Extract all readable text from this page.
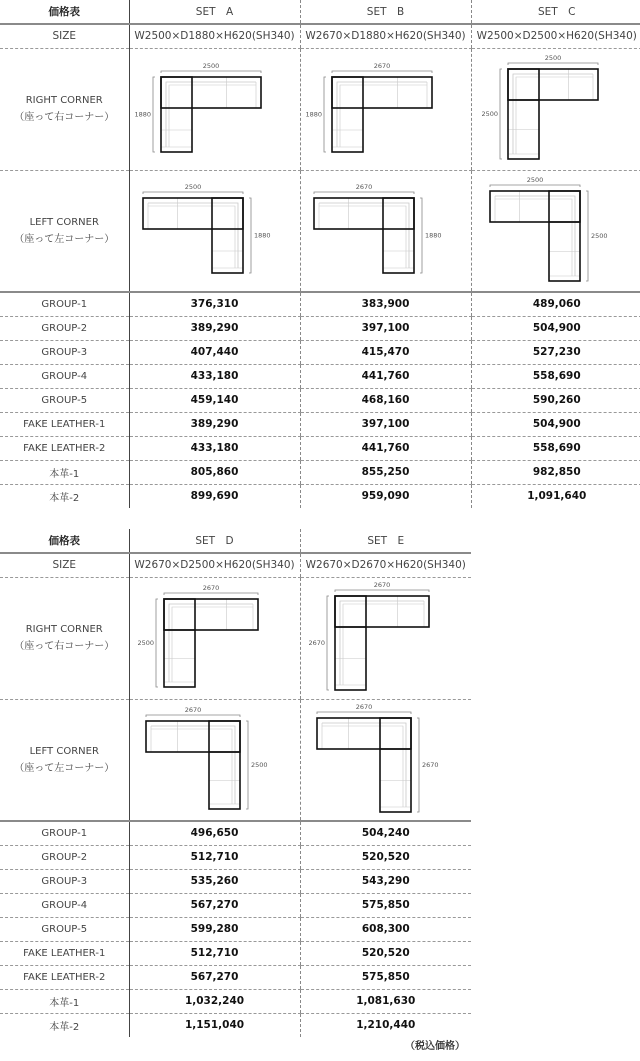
価格表	SET　A	SET　B	SET　C
SIZE	W2500×D1880×H620(SH340)	W2670×D1880×H620(SH340)	W2500×D2500×H620(SH340)

RIGHT CORNER
（座って右コーナー）

2500
1880

2670
1880

2500
2500

LEFT CORNER
（座って左コーナー）

2500
1880

2670
1880

2500
2500

GROUP-1	376,310	383,900	489,060
GROUP-2	389,290	397,100	504,900
GROUP-3	407,440	415,470	527,230
GROUP-4	433,180	441,760	558,690
GROUP-5	459,140	468,160	590,260
FAKE LEATHER-1	389,290	397,100	504,900
FAKE LEATHER-2	433,180	441,760	558,690
本革-1	805,860	855,250	982,850
本革-2	899,690	959,090	1,091,640
価格表	SET　D	SET　E
SIZE	W2670×D2500×H620(SH340)	W2670×D2670×H620(SH340)

RIGHT CORNER
（座って右コーナー）

2670
2500

2670
2670

LEFT CORNER
（座って左コーナー）

2670
2500

2670
2670

GROUP-1	496,650	504,240
GROUP-2	512,710	520,520
GROUP-3	535,260	543,290
GROUP-4	567,270	575,850
GROUP-5	599,280	608,300
FAKE LEATHER-1	512,710	520,520
FAKE LEATHER-2	567,270	575,850
本革-1	1,032,240	1,081,630
本革-2	1,151,040	1,210,440
（税込価格）
